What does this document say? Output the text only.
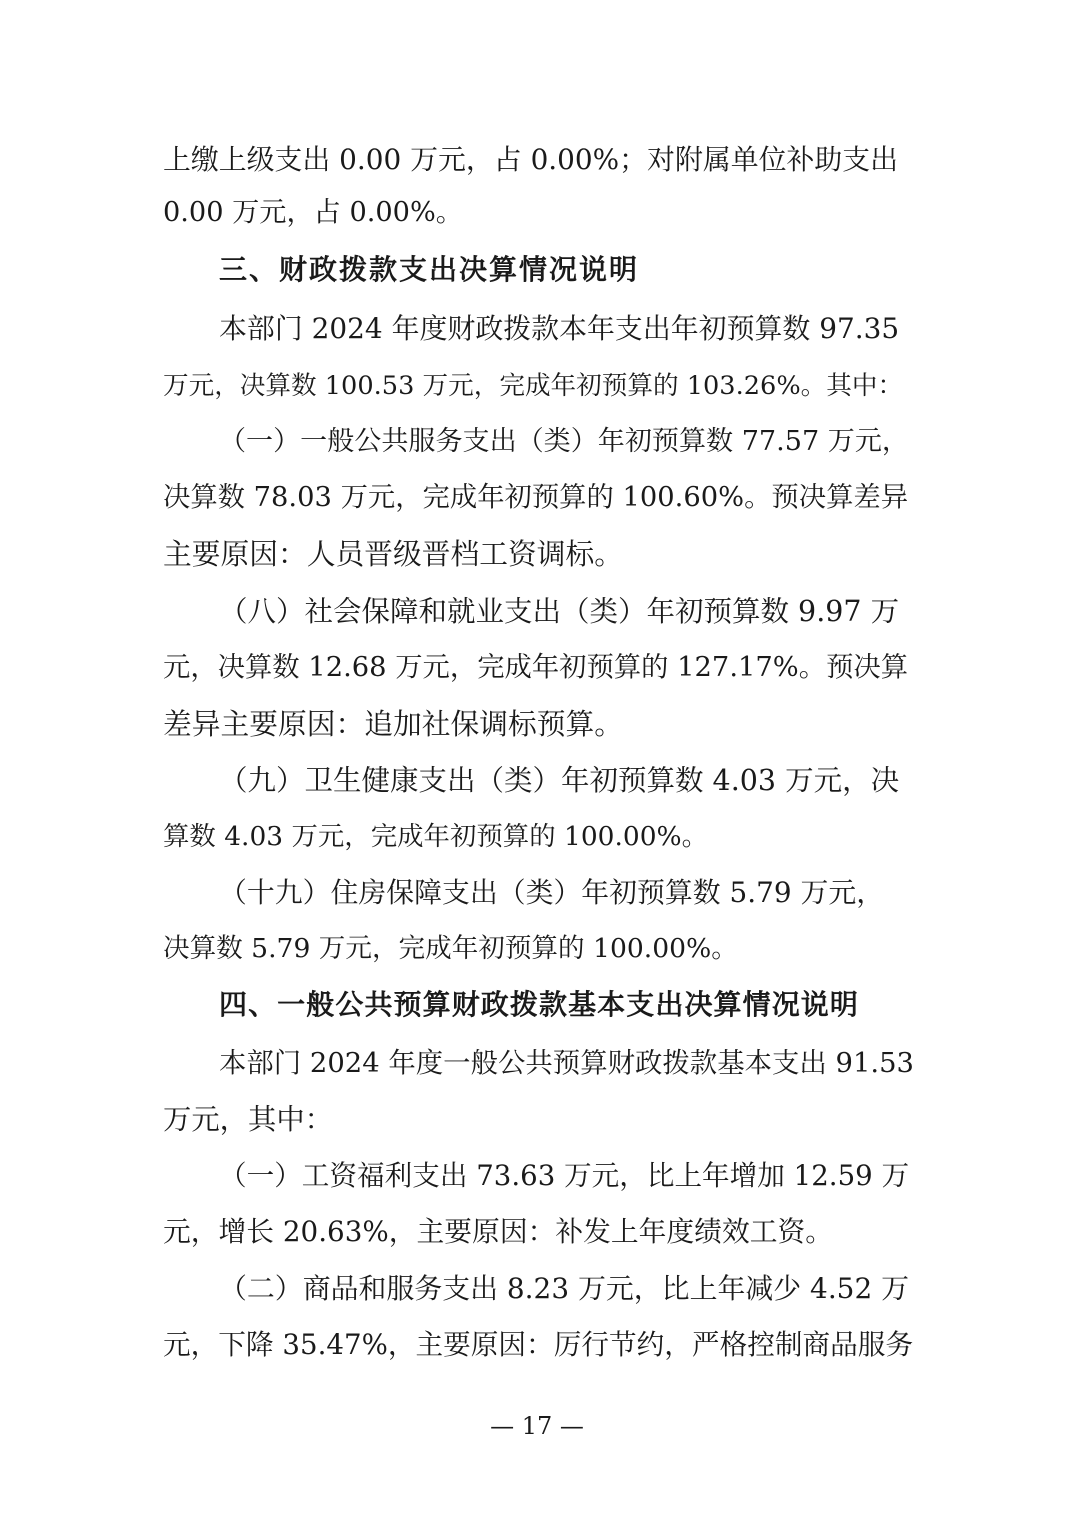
上缴上级支出 0.00 万元，占 0.00%；对附属单位补助支出

0.00 万元，占 0.00%。

三、财政拨款支出决算情况说明

本部门 2024 年度财政拨款本年支出年初预算数 97.35

万元，决算数 100.53 万元，完成年初预算的 103.26%。其中：

（一）一般公共服务支出（类）年初预算数 77.57 万元，

决算数 78.03 万元，完成年初预算的 100.60%。预决算差异

主要原因：人员晋级晋档工资调标。

（八）社会保障和就业支出（类）年初预算数 9.97 万

元，决算数 12.68 万元，完成年初预算的 127.17%。预决算

差异主要原因：追加社保调标预算。

（九）卫生健康支出（类）年初预算数 4.03 万元，决

算数 4.03 万元，完成年初预算的 100.00%。

（十九）住房保障支出（类）年初预算数 5.79 万元，

决算数 5.79 万元，完成年初预算的 100.00%。

四、一般公共预算财政拨款基本支出决算情况说明

本部门 2024 年度一般公共预算财政拨款基本支出 91.53

万元，其中：

（一）工资福利支出 73.63 万元，比上年增加 12.59 万

元，增长 20.63%，主要原因：补发上年度绩效工资。

（二）商品和服务支出 8.23 万元，比上年减少 4.52 万

元，下降 35.47%，主要原因：厉行节约，严格控制商品服务

— 17 —
